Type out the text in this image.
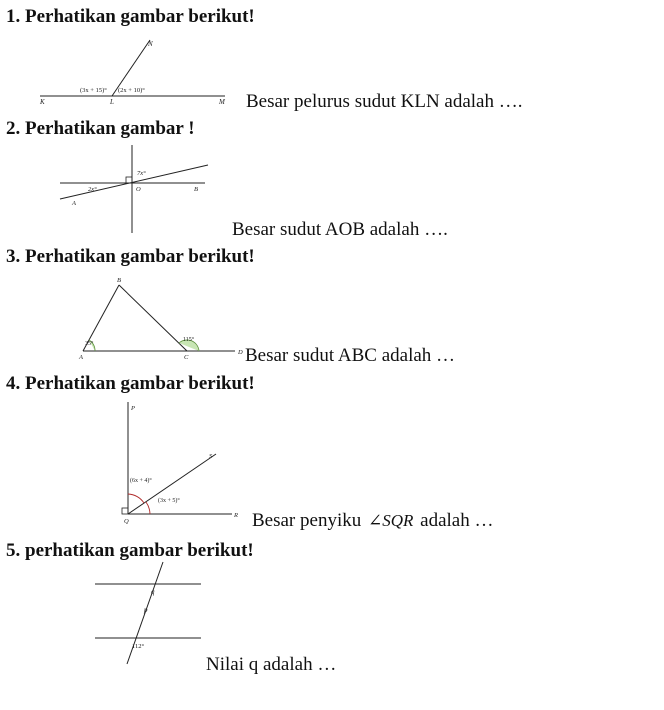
1. Perhatikan gambar berikut!
N
K	L	M
(3x + 15)° (2x + 10)°
Besar pelurus sudut KLN adalah ….
2. Perhatikan gambar !
O	B
A
7x°
2x°
Besar sudut AOB adalah ….
3. Perhatikan gambar berikut!
B
A	C
D
35°
115°
Besar sudut ABC adalah …
4. Perhatikan gambar berikut!
P
S
Q
R
(6x + 4)°
(3x + 5)°
Besar penyiku ∠SQR adalah …
5. perhatikan gambar berikut!
q
p
112°
Nilai q adalah …
